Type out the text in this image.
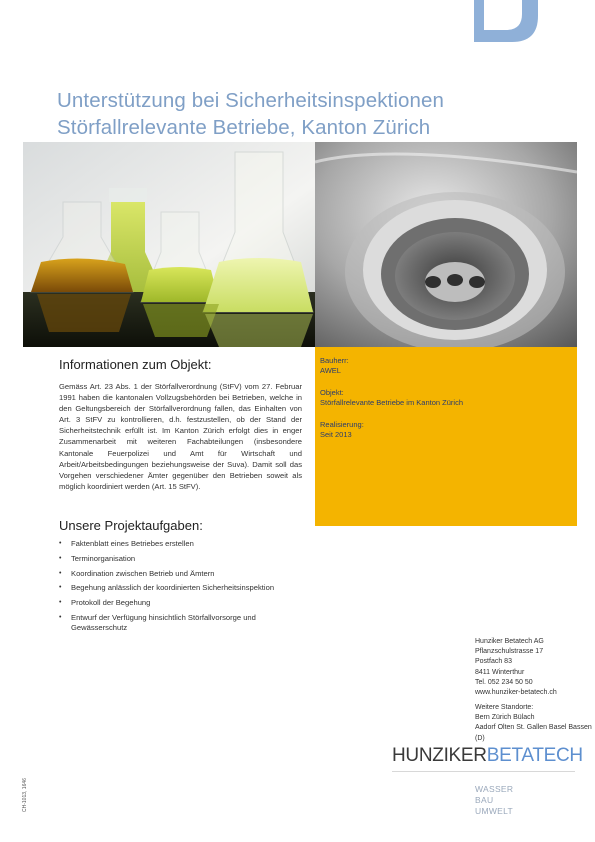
Unterstützung bei Sicherheitsinspektionen
Störfallrelevante Betriebe, Kanton Zürich
Bauherr:
AWEL
Objekt:
Störfallrelevante Betriebe im Kanton Zürich
Realisierung:
Seit 2013
Informationen zum Objekt:
Gemäss Art. 23 Abs. 1 der Störfallverordnung (StFV) vom 27. Februar 1991 haben die kantonalen Vollzugsbehörden bei Betrieben, welche in den Geltungsbereich der Störfallverordnung fallen, das Einhalten von Art. 3 StFV zu kontrollieren, d.h. festzustellen, ob der Stand der Sicherheitstechnik erfüllt ist. Im Kanton Zürich erfolgt dies in enger Zusammenarbeit mit weiteren Fachabteilungen (insbesondere Kantonale Feuerpolizei und Amt für Wirtschaft und Arbeit/Arbeitsbedingungen beziehungsweise der Suva). Damit soll das Vorgehen verschiedener Ämter gegenüber den Betrieben soweit als möglich koordiniert werden (Art. 15 StFV).
Unsere Projektaufgaben:
• Faktenblatt eines Betriebes erstellen
• Terminorganisation
• Koordination zwischen Betrieb und Ämtern
• Begehung anlässlich der koordinierten Sicherheitsinspektion
• Protokoll der Begehung
• Entwurf der Verfügung hinsichtlich Störfallvorsorge und Gewässerschutz
Hunziker Betatech AG
Pflanzschulstrasse 17
Postfach 83
8411 Winterthur
Tel. 052 234 50 50
www.hunziker-betatech.ch
Weitere Standorte:
Bern Zürich Bülach
Aadorf Olten St. Gallen Basel Bassen (D)
HUNZIKERBETATECH
WASSER
BAU
UMWELT
CH-1013, 1646
